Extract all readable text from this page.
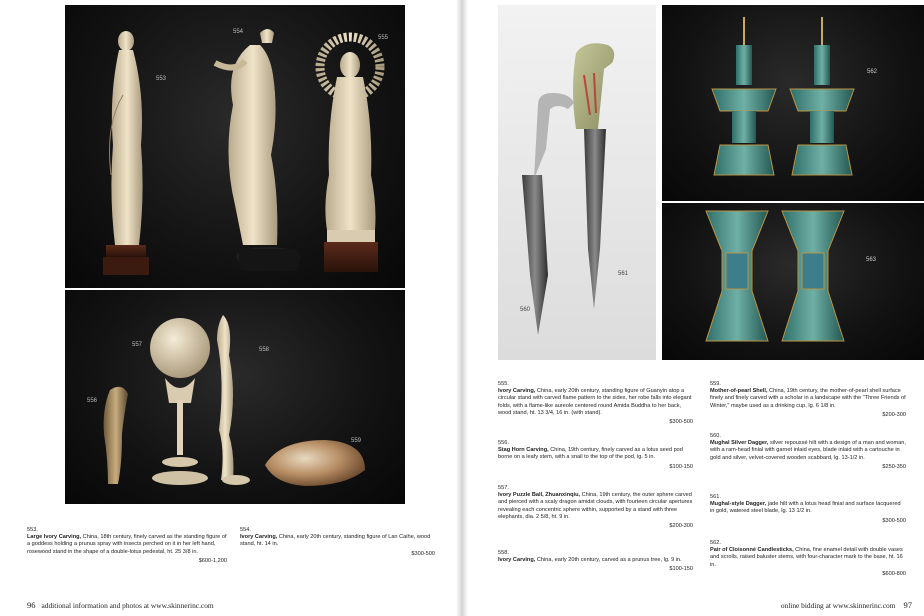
553
554
555
556
557
558
559
553.
Large Ivory Carving, China, 18th century, finely carved as the standing figure of a goddess holding a prunus spray with insects perched on it in her left hand, rosewood stand in the shape of a double-lotus pedestal, ht. 25 3/8 in.
$600-1,200
554.
Ivory Carving, China, early 20th century, standing figure of Lan Caihe, wood stand, ht. 14 in.
$300-500
96 additional information and photos at www.skinnerinc.com
560
561
562
563
555.
Ivory Carving, China, early 20th century, standing figure of Guanyin atop a circular stand with carved flame pattern to the sides, her robe falls into elegant folds, with a flame-like aureole centered round Amida Buddha to her back, wood stand, ht. 13 3/4, 16 in. (with stand).
$300-500
556.
Stag Horn Carving, China, 19th century, finely carved as a lotus seed pod borne on a leafy stem, with a snail to the top of the pod, lg. 5 in.
$100-150
557.
Ivory Puzzle Ball, Zhuanxinqiu, China, 19th century, the outer sphere carved and pierced with a scaly dragon amidst clouds, with fourteen circular apertures revealing each concentric sphere within, supported by a stand with three elephants, dia. 2 5/8, ht. 9 in.
$200-300
558.
Ivory Carving, China, early 20th century, carved as a prunus tree, lg. 9 in.
$100-150
559.
Mother-of-pearl Shell, China, 19th century, the mother-of-pearl shell surface finely and finely carved with a scholar in a landscape with the "Three Friends of Winter," maybe used as a drinking cup, lg. 6 1/8 in.
$200-300
560.
Mughal Silver Dagger, silver repoussé hilt with a design of a man and woman, with a ram-head finial with garnet inlaid eyes, blade inlaid with a cartouche in gold and silver, velvet-covered wooden scabbard, lg. 13-1/2 in.
$250-350
561.
Mughal-style Dagger, jade hilt with a lotus head finial and surface lacquered in gold, watered steel blade, lg. 13 1/2 in.
$300-500
562.
Pair of Cloisonné Candlesticks, China, fine enamel detail with double vases and scrolls, raised baluster stems, with four-character mark to the base, ht. 16 in.
$600-800
online bidding at www.skinnerinc.com 97
